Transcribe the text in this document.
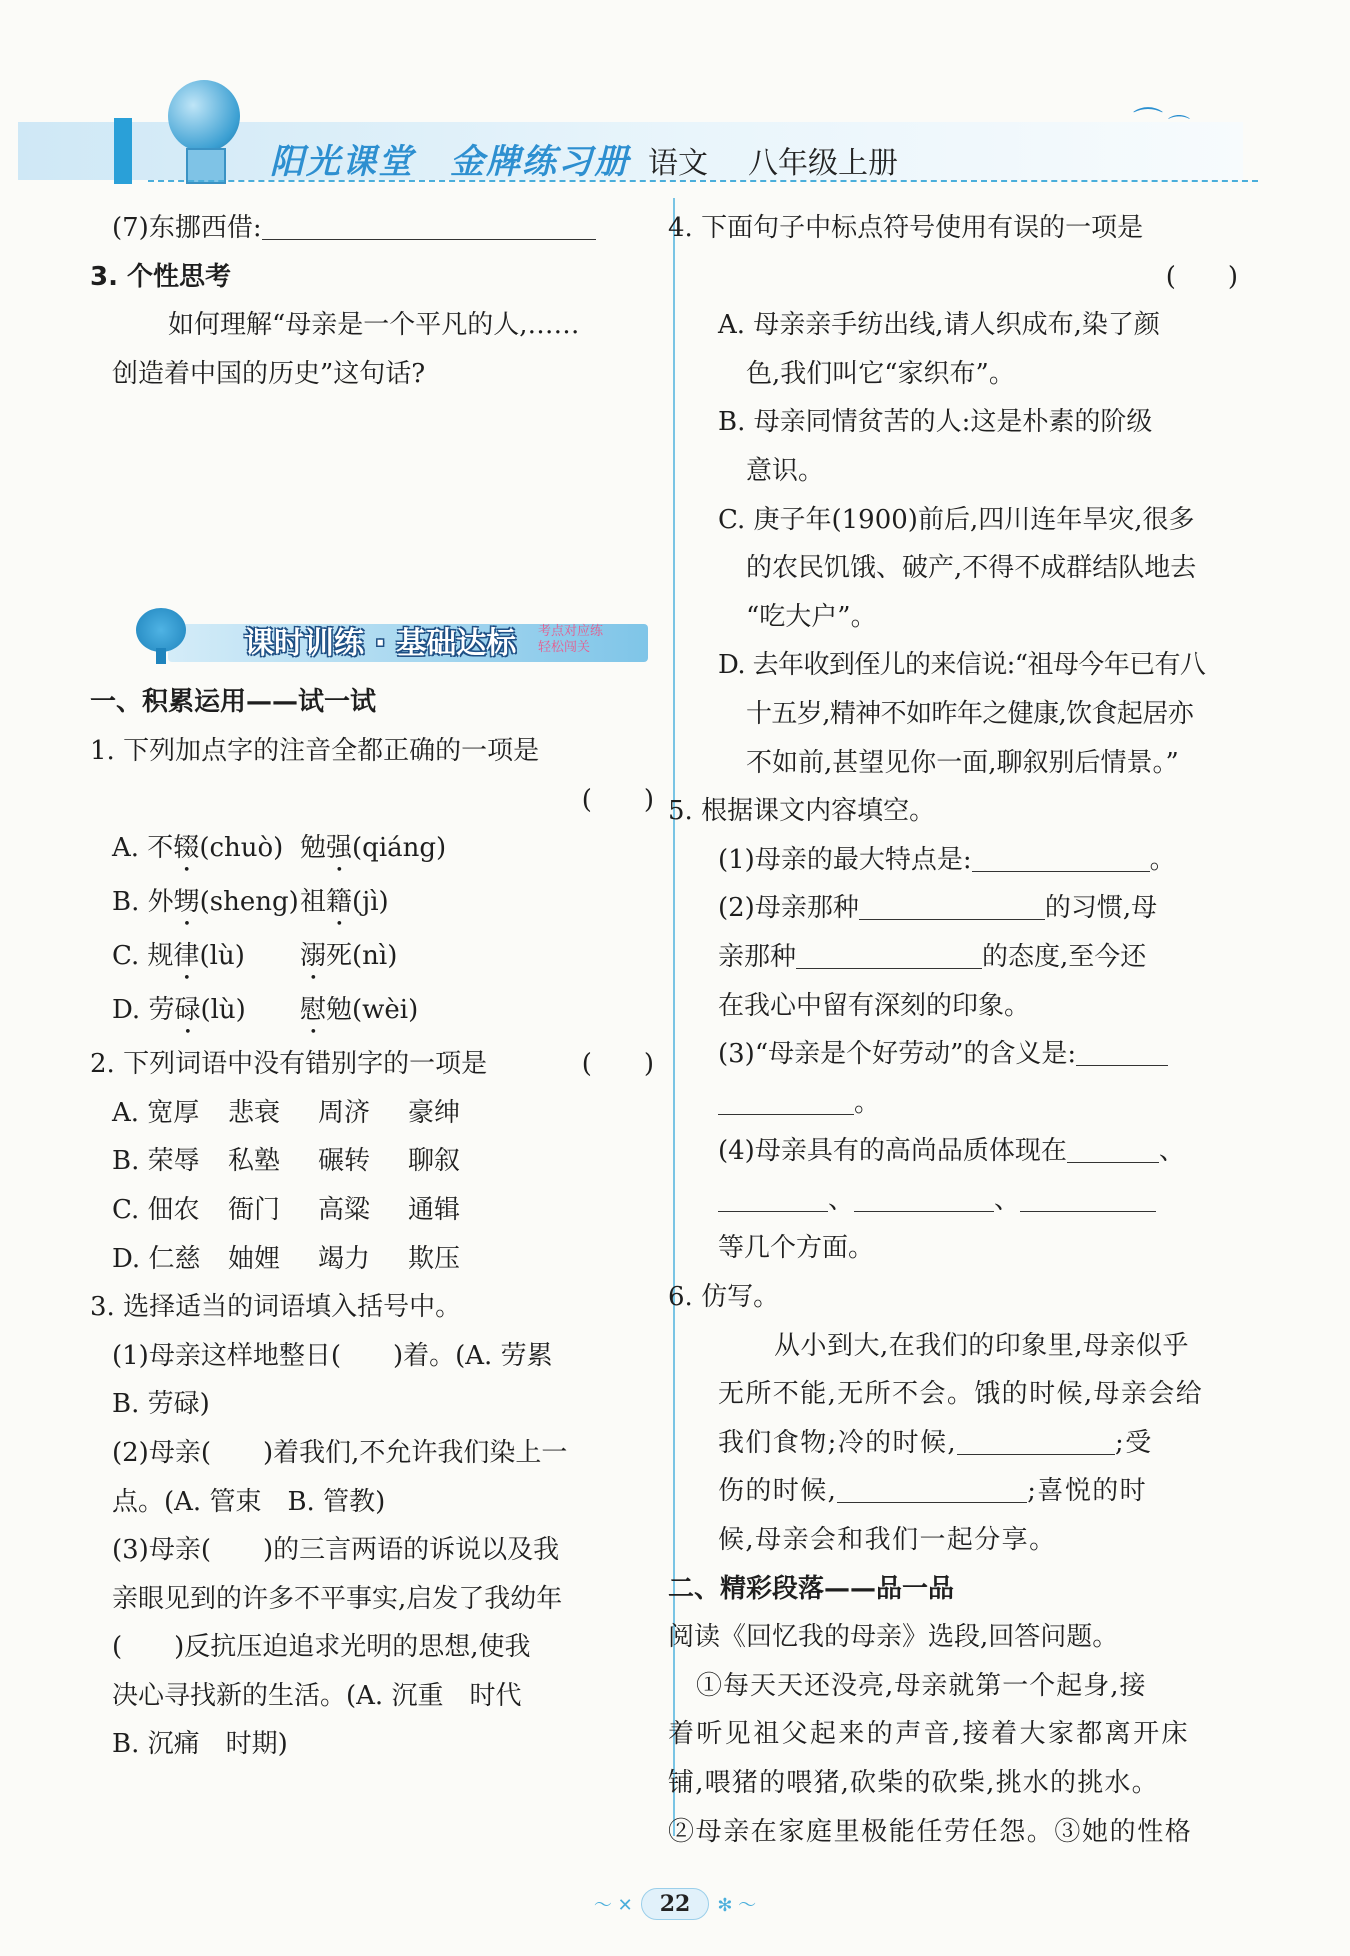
阳光课堂　金牌练习册 语文 八年级上册
⌒ ⌒
(7)东挪西借:
3. 个性思考
如何理解“母亲是一个平凡的人,……
创造着中国的历史”这句话?
课时训练 · 基础达标 考点对应练
轻松闯关
一、积累运用——试一试
1. 下列加点字的注音全都正确的一项是
(　　)
A. 不辍(chuò) 勉强(qiáng)
B. 外甥(sheng)祖籍(jì)
C. 规律(lù) 溺死(nì)
D. 劳碌(lù) 慰勉(wèi)
2. 下列词语中没有错别字的一项是	(　　)
A. 宽厚 悲衰 周济 豪绅
B. 荣辱 私塾 碾转 聊叙
C. 佃农 衙门 高粱 通辑
D. 仁慈 妯娌 竭力 欺压
3. 选择适当的词语填入括号中。
(1)母亲这样地整日(　　)着。(A. 劳累
B. 劳碌)
(2)母亲(　　)着我们,不允许我们染上一
点。(A. 管束　B. 管教)
(3)母亲(　　)的三言两语的诉说以及我
亲眼见到的许多不平事实,启发了我幼年
(　　)反抗压迫追求光明的思想,使我
决心寻找新的生活。(A. 沉重　时代
B. 沉痛　时期)
4. 下面句子中标点符号使用有误的一项是
(　　)
A. 母亲亲手纺出线,请人织成布,染了颜
色,我们叫它“家织布”。
B. 母亲同情贫苦的人:这是朴素的阶级
意识。
C. 庚子年(1900)前后,四川连年旱灾,很多
的农民饥饿、破产,不得不成群结队地去
“吃大户”。
D. 去年收到侄儿的来信说:“祖母今年已有八
十五岁,精神不如昨年之健康,饮食起居亦
不如前,甚望见你一面,聊叙别后情景。”
5. 根据课文内容填空。
(1)母亲的最大特点是:	。
(2)母亲那种	的习惯,母
亲那种	的态度,至今还
在我心中留有深刻的印象。
(3)“母亲是个好劳动”的含义是:
。
(4)母亲具有的高尚品质体现在	、
、	、
等几个方面。
6. 仿写。
从小到大,在我们的印象里,母亲似乎
无所不能,无所不会。饿的时候,母亲会给
我们食物;冷的时候,	;受
伤的时候,	;喜悦的时
候,母亲会和我们一起分享。
二、精彩段落——品一品
阅读《回忆我的母亲》选段,回答问题。
①每天天还没亮,母亲就第一个起身,接
着听见祖父起来的声音,接着大家都离开床
铺,喂猪的喂猪,砍柴的砍柴,挑水的挑水。
②母亲在家庭里极能任劳任怨。③她的性格
～ ✕ 22 ✻ ～
